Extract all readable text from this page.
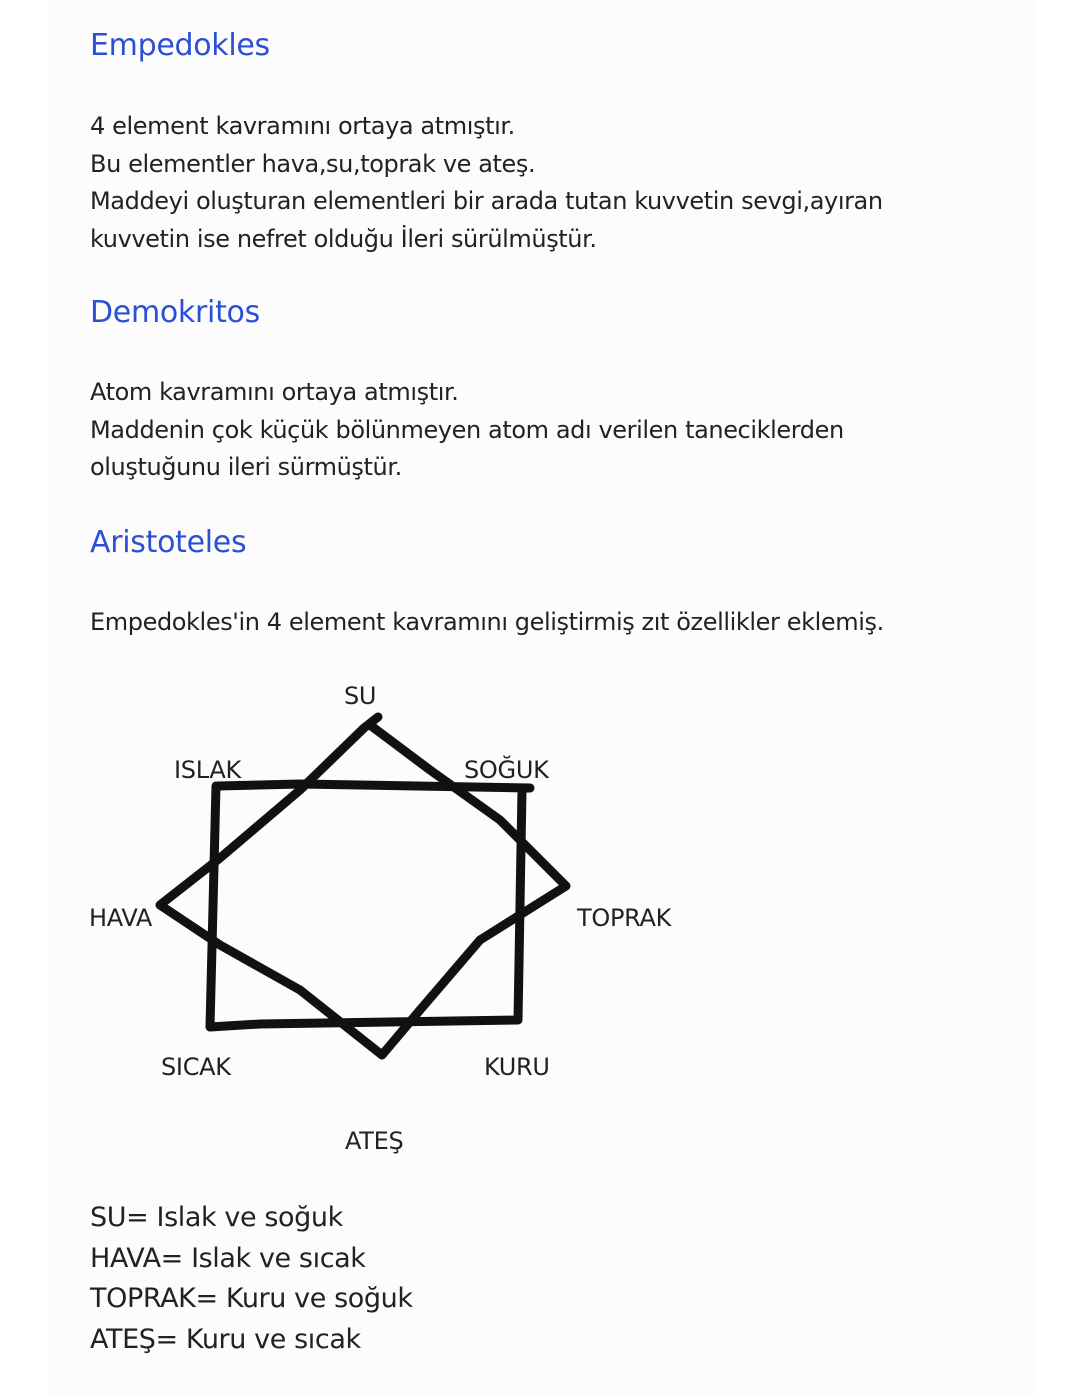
Empedokles

4 element kavramını ortaya atmıştır.
Bu elementler hava,su,toprak ve ateş.
Maddeyi oluşturan elementleri bir arada tutan kuvvetin sevgi,ayıran
kuvvetin ise nefret olduğu İleri sürülmüştür.

Demokritos

Atom kavramını ortaya atmıştır.
Maddenin çok küçük bölünmeyen atom adı verilen taneciklerden
oluştuğunu ileri sürmüştür.

Aristoteles

Empedokles'in 4 element kavramını geliştirmiş zıt özellikler eklemiş.

SU
ISLAK	SOĞUK
HAVA	TOPRAK
SICAK	KURU
ATEŞ
SU= Islak ve soğuk
HAVA= Islak ve sıcak
TOPRAK= Kuru ve soğuk
ATEŞ= Kuru ve sıcak
